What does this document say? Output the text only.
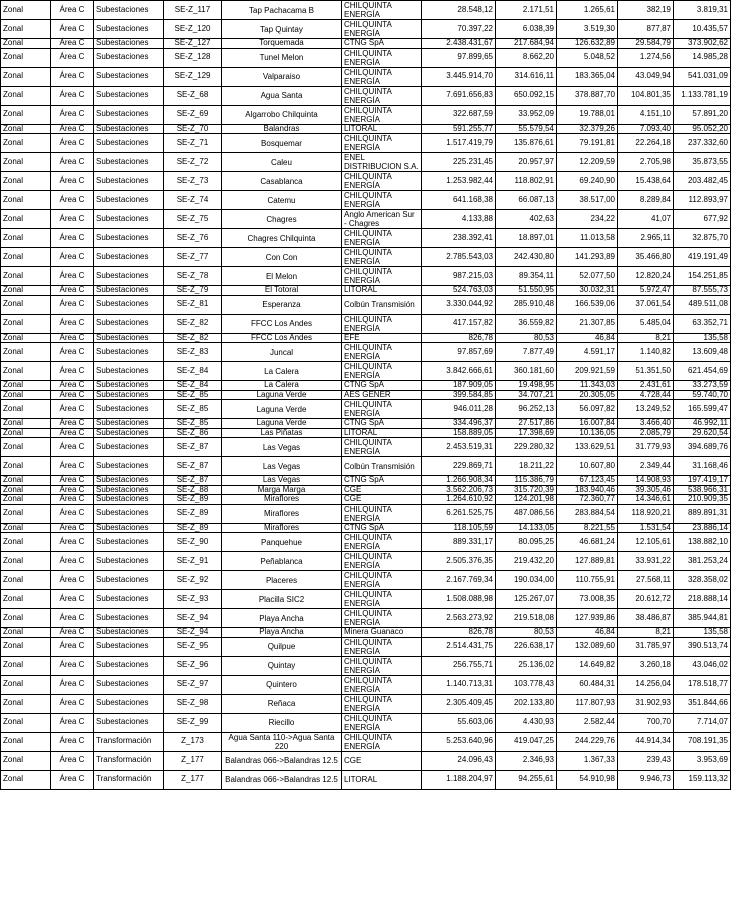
Zonal	Área C	Subestaciones	SE-Z_117	Tap Pachacama B	CHILQUINTA ENERGÍA	28.548,12	2.171,51	1.265,61	382,19	3.819,31
Zonal	Área C	Subestaciones	SE-Z_120	Tap Quintay	CHILQUINTA ENERGÍA	70.397,22	6.038,39	3.519,30	877,87	10.435,57
Zonal	Área C	Subestaciones	SE-Z_127	Torquemada	CTNG SpA	2.438.431,67	217.684,94	126.632,89	29.584,79	373.902,62
Zonal	Área C	Subestaciones	SE-Z_128	Tunel Melon	CHILQUINTA ENERGÍA	97.899,65	8.662,20	5.048,52	1.274,56	14.985,28
Zonal	Área C	Subestaciones	SE-Z_129	Valparaiso	CHILQUINTA ENERGÍA	3.445.914,70	314.616,11	183.365,04	43.049,94	541.031,09
Zonal	Área C	Subestaciones	SE-Z_68	Agua Santa	CHILQUINTA ENERGÍA	7.691.656,83	650.092,15	378.887,70	104.801,35	1.133.781,19
Zonal	Área C	Subestaciones	SE-Z_69	Algarrobo Chilquinta	CHILQUINTA ENERGÍA	322.687,59	33.952,09	19.788,01	4.151,10	57.891,20
Zonal	Área C	Subestaciones	SE-Z_70	Balandras	LITORAL	591.255,77	55.579,54	32.379,26	7.093,40	95.052,20
Zonal	Área C	Subestaciones	SE-Z_71	Bosquemar	CHILQUINTA ENERGÍA	1.517.419,79	135.876,61	79.191,81	22.264,18	237.332,60
Zonal	Área C	Subestaciones	SE-Z_72	Caleu	ENEL DISTRIBUCION S.A.	225.231,45	20.957,97	12.209,59	2.705,98	35.873,55
Zonal	Área C	Subestaciones	SE-Z_73	Casablanca	CHILQUINTA ENERGÍA	1.253.982,44	118.802,91	69.240,90	15.438,64	203.482,45
Zonal	Área C	Subestaciones	SE-Z_74	Catemu	CHILQUINTA ENERGÍA	641.168,38	66.087,13	38.517,00	8.289,84	112.893,97
Zonal	Área C	Subestaciones	SE-Z_75	Chagres	Anglo American Sur - Chagres	4.133,88	402,63	234,22	41,07	677,92
Zonal	Área C	Subestaciones	SE-Z_76	Chagres Chilquinta	CHILQUINTA ENERGÍA	238.392,41	18.897,01	11.013,58	2.965,11	32.875,70
Zonal	Área C	Subestaciones	SE-Z_77	Con Con	CHILQUINTA ENERGÍA	2.785.543,03	242.430,80	141.293,89	35.466,80	419.191,49
Zonal	Área C	Subestaciones	SE-Z_78	El Melon	CHILQUINTA ENERGÍA	987.215,03	89.354,11	52.077,50	12.820,24	154.251,85
Zonal	Área C	Subestaciones	SE-Z_79	El Totoral	LITORAL	524.763,03	51.550,95	30.032,31	5.972,47	87.555,73
Zonal	Área C	Subestaciones	SE-Z_81	Esperanza	Colbún Transmisión	3.330.044,92	285.910,48	166.539,06	37.061,54	489.511,08
Zonal	Área C	Subestaciones	SE-Z_82	FFCC Los Andes	CHILQUINTA ENERGÍA	417.157,82	36.559,82	21.307,85	5.485,04	63.352,71
Zonal	Área C	Subestaciones	SE-Z_82	FFCC Los Andes	EFE	826,78	80,53	46,84	8,21	135,58
Zonal	Área C	Subestaciones	SE-Z_83	Juncal	CHILQUINTA ENERGÍA	97.857,69	7.877,49	4.591,17	1.140,82	13.609,48
Zonal	Área C	Subestaciones	SE-Z_84	La Calera	CHILQUINTA ENERGÍA	3.842.666,61	360.181,60	209.921,59	51.351,50	621.454,69
Zonal	Área C	Subestaciones	SE-Z_84	La Calera	CTNG SpA	187.909,05	19.498,95	11.343,03	2.431,61	33.273,59
Zonal	Área C	Subestaciones	SE-Z_85	Laguna Verde	AES GENER	399.584,85	34.707,21	20.305,05	4.728,44	59.740,70
Zonal	Área C	Subestaciones	SE-Z_85	Laguna Verde	CHILQUINTA ENERGÍA	946.011,28	96.252,13	56.097,82	13.249,52	165.599,47
Zonal	Área C	Subestaciones	SE-Z_85	Laguna Verde	CTNG SpA	334.496,37	27.517,86	16.007,84	3.466,40	46.992,11
Zonal	Área C	Subestaciones	SE-Z_86	Las Piñatas	LITORAL	158.889,05	17.398,69	10.136,05	2.085,79	29.620,54
Zonal	Área C	Subestaciones	SE-Z_87	Las Vegas	CHILQUINTA ENERGÍA	2.453.519,31	229.280,32	133.629,51	31.779,93	394.689,76
Zonal	Área C	Subestaciones	SE-Z_87	Las Vegas	Colbún Transmisión	229.869,71	18.211,22	10.607,80	2.349,44	31.168,46
Zonal	Área C	Subestaciones	SE-Z_87	Las Vegas	CTNG SpA	1.266.908,34	115.386,79	67.123,45	14.908,93	197.419,17
Zonal	Área C	Subestaciones	SE-Z_88	Marga Marga	CGE	3.562.206,73	315.720,39	183.940,46	39.305,46	538.966,31
Zonal	Área C	Subestaciones	SE-Z_89	Miraflores	CGE	1.264.610,92	124.201,98	72.360,77	14.346,61	210.909,35
Zonal	Área C	Subestaciones	SE-Z_89	Miraflores	CHILQUINTA ENERGÍA	6.261.525,75	487.086,56	283.884,54	118.920,21	889.891,31
Zonal	Área C	Subestaciones	SE-Z_89	Miraflores	CTNG SpA	118.105,59	14.133,05	8.221,55	1.531,54	23.886,14
Zonal	Área C	Subestaciones	SE-Z_90	Panquehue	CHILQUINTA ENERGÍA	889.331,17	80.095,25	46.681,24	12.105,61	138.882,10
Zonal	Área C	Subestaciones	SE-Z_91	Peñablanca	CHILQUINTA ENERGÍA	2.505.376,35	219.432,20	127.889,81	33.931,22	381.253,24
Zonal	Área C	Subestaciones	SE-Z_92	Placeres	CHILQUINTA ENERGÍA	2.167.769,34	190.034,00	110.755,91	27.568,11	328.358,02
Zonal	Área C	Subestaciones	SE-Z_93	Placilla SIC2	CHILQUINTA ENERGÍA	1.508.088,98	125.267,07	73.008,35	20.612,72	218.888,14
Zonal	Área C	Subestaciones	SE-Z_94	Playa Ancha	CHILQUINTA ENERGÍA	2.563.273,92	219.518,08	127.939,86	38.486,87	385.944,81
Zonal	Área C	Subestaciones	SE-Z_94	Playa Ancha	Minera Guanaco	826,78	80,53	46,84	8,21	135,58
Zonal	Área C	Subestaciones	SE-Z_95	Quilpue	CHILQUINTA ENERGÍA	2.514.431,75	226.638,17	132.089,60	31.785,97	390.513,74
Zonal	Área C	Subestaciones	SE-Z_96	Quintay	CHILQUINTA ENERGÍA	256.755,71	25.136,02	14.649,82	3.260,18	43.046,02
Zonal	Área C	Subestaciones	SE-Z_97	Quintero	CHILQUINTA ENERGÍA	1.140.713,31	103.778,43	60.484,31	14.256,04	178.518,77
Zonal	Área C	Subestaciones	SE-Z_98	Reñaca	CHILQUINTA ENERGÍA	2.305.409,45	202.133,80	117.807,93	31.902,93	351.844,66
Zonal	Área C	Subestaciones	SE-Z_99	Riecillo	CHILQUINTA ENERGÍA	55.603,06	4.430,93	2.582,44	700,70	7.714,07
Zonal	Área C	Transformación	Z_173	Agua Santa 110->Agua Santa 220	CHILQUINTA ENERGÍA	5.253.640,96	419.047,25	244.229,76	44.914,34	708.191,35
Zonal	Área C	Transformación	Z_177	Balandras 066->Balandras 12.5	CGE	24.096,43	2.346,93	1.367,33	239,43	3.953,69
Zonal	Área C	Transformación	Z_177	Balandras 066->Balandras 12.5	LITORAL	1.188.204,97	94.255,61	54.910,98	9.946,73	159.113,32
